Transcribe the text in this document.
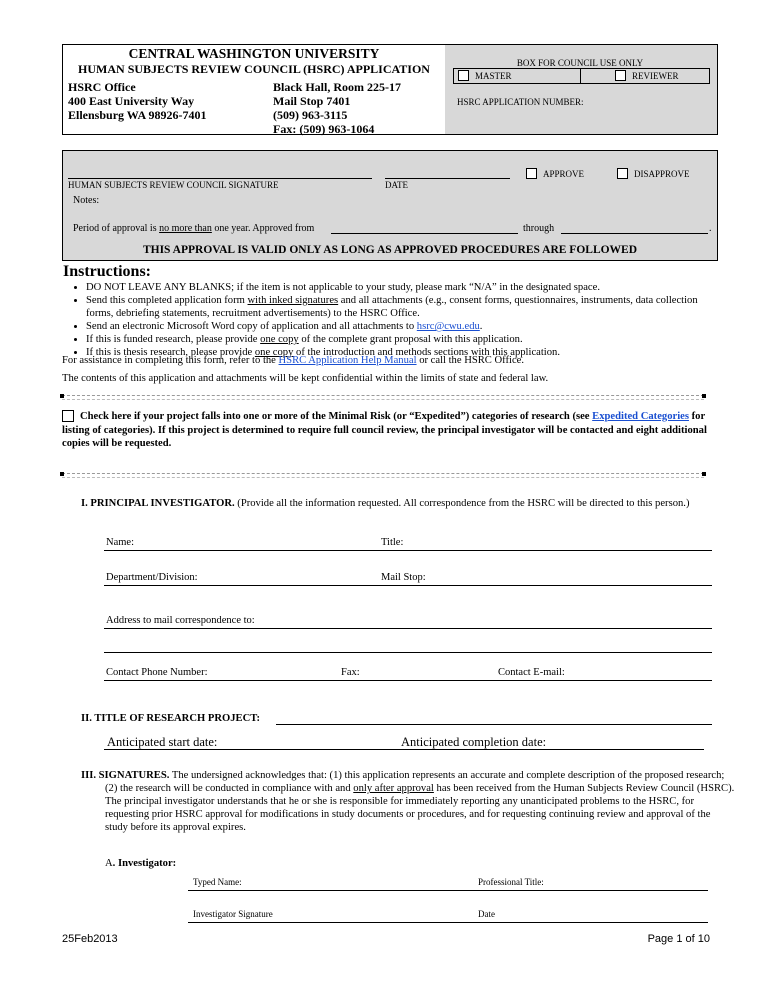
CENTRAL WASHINGTON UNIVERSITY
HUMAN SUBJECTS REVIEW COUNCIL (HSRC) APPLICATION
HSRC Office
400 East University Way
Ellensburg WA 98926-7401
Black Hall, Room 225-17
Mail Stop 7401
(509) 963-3115
Fax: (509) 963-1064
BOX FOR COUNCIL USE ONLY
MASTER	REVIEWER
HSRC APPLICATION NUMBER:
HUMAN SUBJECTS REVIEW COUNCIL SIGNATURE	DATE
APPROVE	DISAPPROVE
Notes:
Period of approval is no more than one year. Approved from	through	.
THIS APPROVAL IS VALID ONLY AS LONG AS APPROVED PROCEDURES ARE FOLLOWED
Instructions:
• DO NOT LEAVE ANY BLANKS; if the item is not applicable to your study, please mark “N/A” in the designated space.
• Send this completed application form with inked signatures and all attachments (e.g., consent forms, questionnaires, instruments, data collection forms, debriefing statements, recruitment advertisements) to the HSRC Office.
• Send an electronic Microsoft Word copy of application and all attachments to hsrc@cwu.edu.
• If this is funded research, please provide one copy of the complete grant proposal with this application.
• If this is thesis research, please provide one copy of the introduction and methods sections with this application.
For assistance in completing this form, refer to the HSRC Application Help Manual or call the HSRC Office.
The contents of this application and attachments will be kept confidential within the limits of state and federal law.
Check here if your project falls into one or more of the Minimal Risk (or “Expedited”) categories of research (see Expedited Categories for listing of categories). If this project is determined to require full council review, the principal investigator will be contacted and eight additional copies will be requested.
I. PRINCIPAL INVESTIGATOR. (Provide all the information requested. All correspondence from the HSRC will be directed to this person.)
Name:	Title:
Department/Division:	Mail Stop:
Address to mail correspondence to:
Contact Phone Number:	Fax:	Contact E-mail:
II. TITLE OF RESEARCH PROJECT:
Anticipated start date:	Anticipated completion date:
III. SIGNATURES. The undersigned acknowledges that: (1) this application represents an accurate and complete description of the proposed research; (2) the research will be conducted in compliance with and only after approval has been received from the Human Subjects Review Council (HSRC). The principal investigator understands that he or she is responsible for immediately reporting any unanticipated problems to the HSRC, for requesting prior HSRC approval for modifications in study documents or procedures, and for requesting continuing review and approval of the study before its approval expires.
A. Investigator:
Typed Name:	Professional Title:
Investigator Signature	Date
25Feb2013	Page 1 of 10
